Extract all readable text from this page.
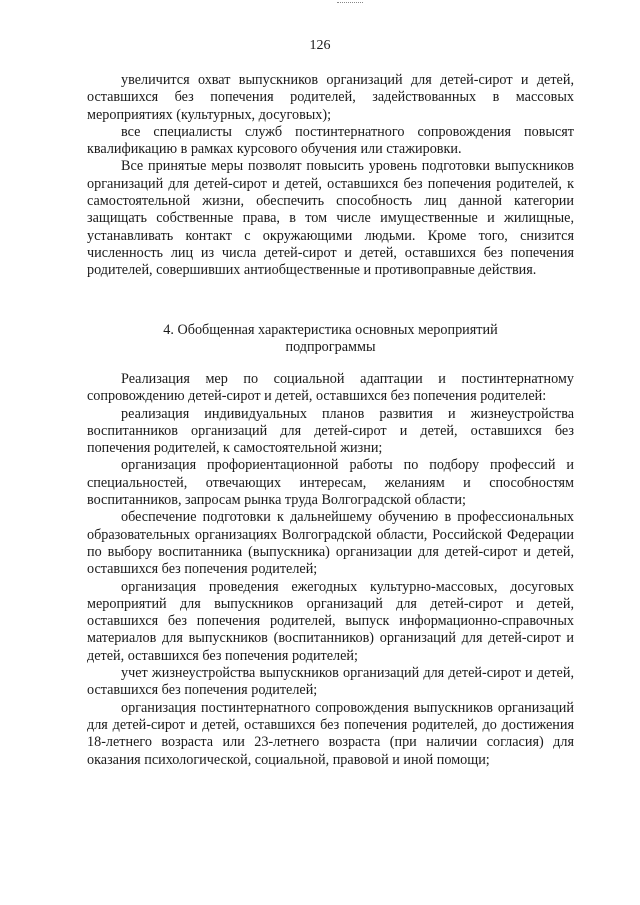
126

увеличится охват выпускников организаций для детей-сирот и детей, оставшихся без попечения родителей, задействованных в массовых мероприятиях (культурных, досуговых);

все специалисты служб постинтернатного сопровождения повысят квалификацию в рамках курсового обучения или стажировки.

Все принятые меры позволят повысить уровень подготовки выпускников организаций для детей-сирот и детей, оставшихся без попечения родителей, к самостоятельной жизни, обеспечить способность лиц данной категории защищать собственные права, в том числе имущественные и жилищные, устанавливать контакт с окружающими людьми. Кроме того, снизится численность лиц из числа детей-сирот и детей, оставшихся без попечения родителей, совершивших антиобщественные и противоправные действия.

4. Обобщенная характеристика основных мероприятий
подпрограммы

Реализация мер по социальной адаптации и постинтернатному сопровождению детей-сирот и детей, оставшихся без попечения родителей:

реализация индивидуальных планов развития и жизнеустройства воспитанников организаций для детей-сирот и детей, оставшихся без попечения родителей, к самостоятельной жизни;

организация профориентационной работы по подбору профессий и специальностей, отвечающих интересам, желаниям и способностям воспитанников, запросам рынка труда Волгоградской области;

обеспечение подготовки к дальнейшему обучению в профессиональных образовательных организациях Волгоградской области, Российской Федерации по выбору воспитанника (выпускника) организации для детей-сирот и детей, оставшихся без попечения родителей;

организация проведения ежегодных культурно-массовых, досуговых мероприятий для выпускников организаций для детей-сирот и детей, оставшихся без попечения родителей, выпуск информационно-справочных материалов для выпускников (воспитанников) организаций для детей-сирот и детей, оставшихся без попечения родителей;

учет жизнеустройства выпускников организаций для детей-сирот и детей, оставшихся без попечения родителей;

организация постинтернатного сопровождения выпускников организаций для детей-сирот и детей, оставшихся без попечения родителей, до достижения 18-летнего возраста или 23-летнего возраста (при наличии согласия) для оказания психологической, социальной, правовой и иной помощи;
